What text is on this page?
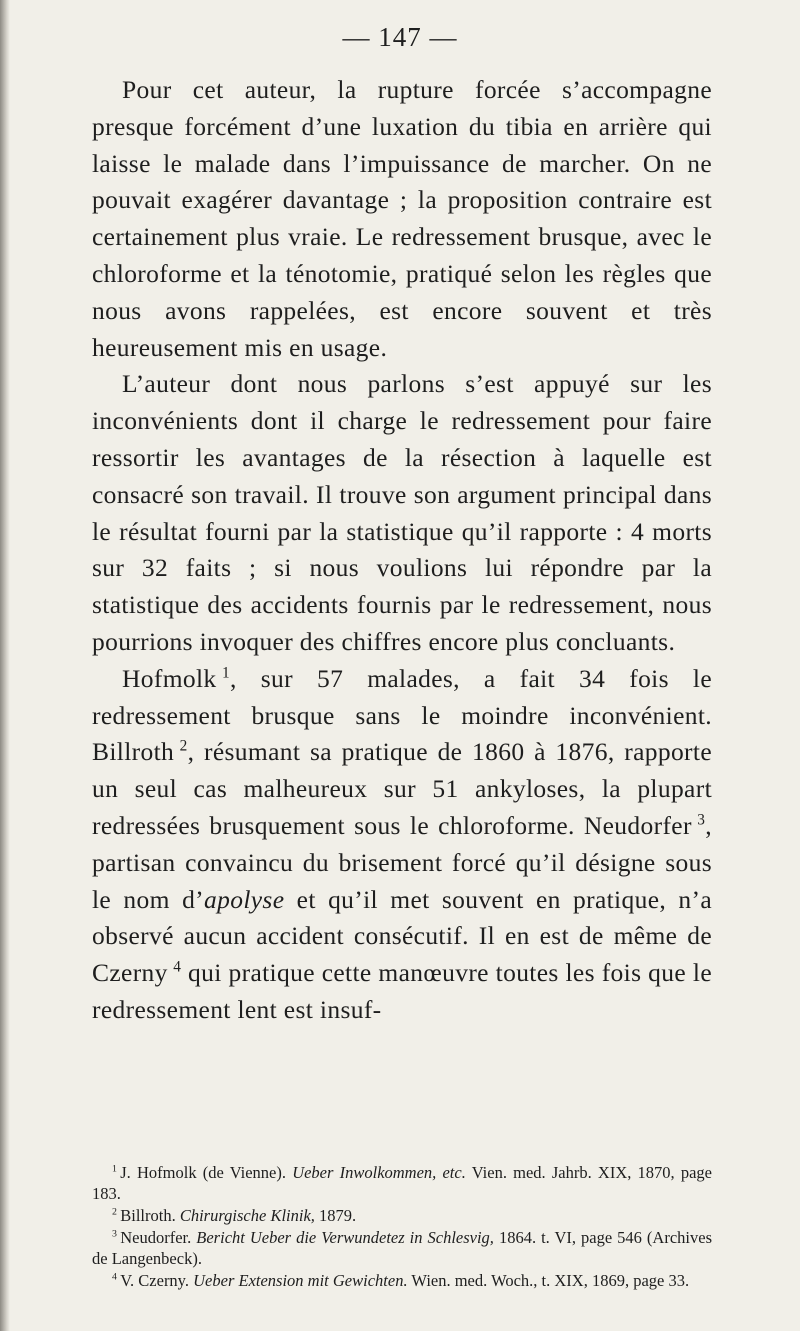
— 147 —

Pour cet auteur, la rupture forcée s’accompagne presque forcément d’une luxation du tibia en arrière qui laisse le malade dans l’impuissance de marcher. On ne pouvait exagérer davantage ; la proposition contraire est certainement plus vraie. Le redressement brusque, avec le chloroforme et la ténotomie, pratiqué selon les règles que nous avons rappelées, est encore souvent et très heureusement mis en usage.

L’auteur dont nous parlons s’est appuyé sur les inconvénients dont il charge le redressement pour faire ressortir les avantages de la résection à laquelle est consacré son travail. Il trouve son argument principal dans le résultat fourni par la statistique qu’il rapporte : 4 morts sur 32 faits ; si nous voulions lui répondre par la statistique des accidents fournis par le redressement, nous pourrions invoquer des chiffres encore plus concluants.

Hofmolk  $^1$, sur 57 malades, a fait 34 fois le redressement brusque sans le moindre inconvénient. Billroth  $^2$, résumant sa pratique de 1860 à 1876, rapporte un seul cas malheureux sur 51 ankyloses, la plupart redressées brusquement sous le chloroforme. Neudorfer  $^3$, partisan convaincu du brisement forcé qu’il désigne sous le nom d’apolyse et qu’il met souvent en pratique, n’a observé aucun accident consécutif. Il en est de même de Czerny  $^4$ qui pratique cette manœuvre toutes les fois que le redressement lent est insuf-

$^1$  J. Hofmolk (de Vienne). Ueber Inwolkommen, etc. Vien. med. Jahrb. XIX, 1870, page 183.

$^2$  Billroth. Chirurgische Klinik, 1879.

$^3$  Neudorfer. Bericht Ueber die Verwundetez in Schlesvig, 1864. t. VI, page 546 (Archives de Langenbeck).

$^4$  V. Czerny. Ueber Extension mit Gewichten. Wien. med. Woch., t. XIX, 1869, page 33.
